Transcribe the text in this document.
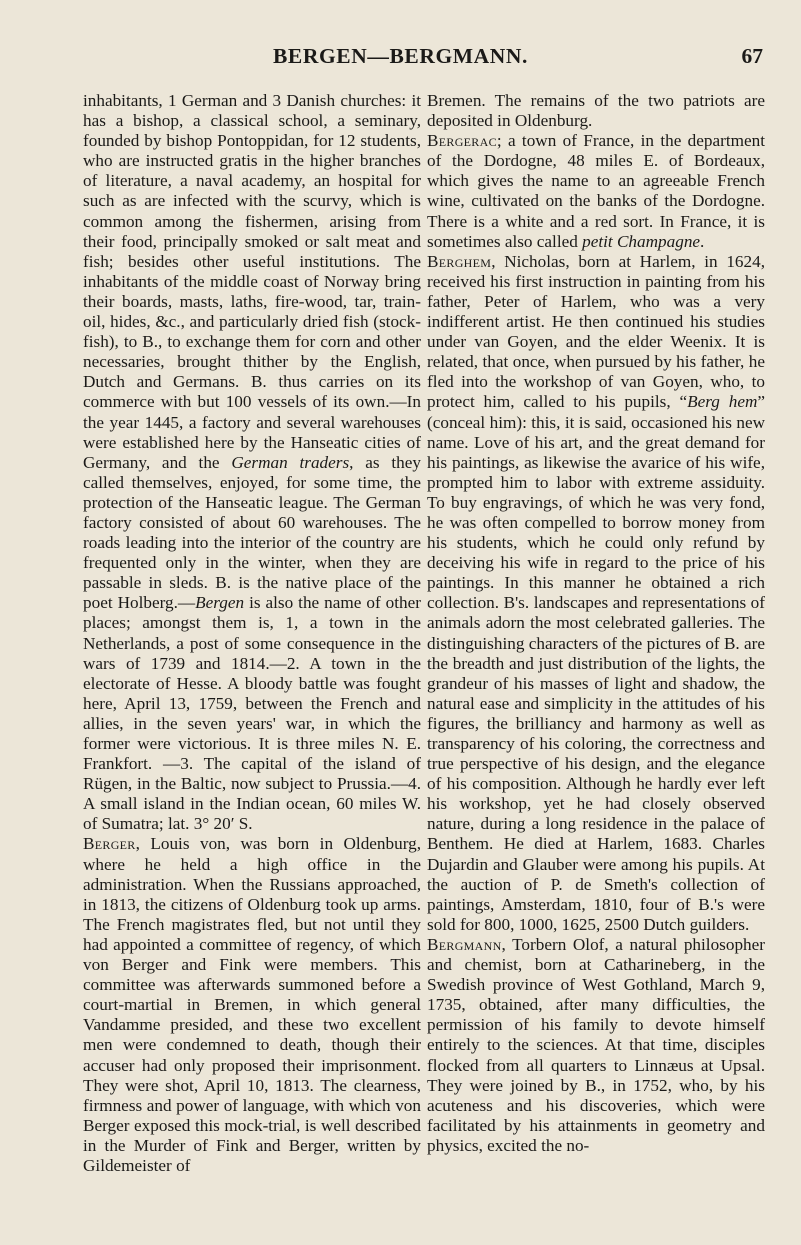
BERGEN—BERGMANN.	67

inhabitants, 1 German and 3 Danish churches: it has a bishop, a classical school, a seminary, founded by bishop Pontoppidan, for 12 students, who are instructed gratis in the higher branches of literature, a naval academy, an hospital for such as are infected with the scurvy, which is common among the fishermen, arising from their food, principally smoked or salt meat and fish; besides other useful institutions. The inhabitants of the middle coast of Norway bring their boards, masts, laths, fire-wood, tar, train-oil, hides, &c., and particularly dried fish (stock-fish), to B., to exchange them for corn and other necessaries, brought thither by the English, Dutch and Germans. B. thus carries on its commerce with but 100 vessels of its own.—In the year 1445, a factory and several warehouses were established here by the Hanseatic cities of Germany, and the German traders, as they called themselves, enjoyed, for some time, the protection of the Hanseatic league. The German factory consisted of about 60 warehouses. The roads leading into the interior of the country are frequented only in the winter, when they are passable in sleds. B. is the native place of the poet Holberg.—Bergen is also the name of other places; amongst them is, 1, a town in the Netherlands, a post of some consequence in the wars of 1739 and 1814.—2. A town in the electorate of Hesse. A bloody battle was fought here, April 13, 1759, between the French and allies, in the seven years' war, in which the former were victorious. It is three miles N. E. Frankfort. —3. The capital of the island of Rügen, in the Baltic, now subject to Prussia.—4. A small island in the Indian ocean, 60 miles W. of Sumatra; lat. 3° 20′ S.

Berger, Louis von, was born in Oldenburg, where he held a high office in the administration. When the Russians approached, in 1813, the citizens of Oldenburg took up arms. The French magistrates fled, but not until they had appointed a committee of regency, of which von Berger and Fink were members. This committee was afterwards summoned before a court-martial in Bremen, in which general Vandamme presided, and these two excellent men were condemned to death, though their accuser had only proposed their imprisonment. They were shot, April 10, 1813. The clearness, firmness and power of language, with which von Berger exposed this mock-trial, is well described in the Murder of Fink and Berger, written by Gildemeister of

Bremen. The remains of the two patriots are deposited in Oldenburg.

Bergerac; a town of France, in the department of the Dordogne, 48 miles E. of Bordeaux, which gives the name to an agreeable French wine, cultivated on the banks of the Dordogne. There is a white and a red sort. In France, it is sometimes also called petit Champagne.

Berghem, Nicholas, born at Harlem, in 1624, received his first instruction in painting from his father, Peter of Harlem, who was a very indifferent artist. He then continued his studies under van Goyen, and the elder Weenix. It is related, that once, when pursued by his father, he fled into the workshop of van Goyen, who, to protect him, called to his pupils, “Berg hem” (conceal him): this, it is said, occasioned his new name. Love of his art, and the great demand for his paintings, as likewise the avarice of his wife, prompted him to labor with extreme assiduity. To buy engravings, of which he was very fond, he was often compelled to borrow money from his students, which he could only refund by deceiving his wife in regard to the price of his paintings. In this manner he obtained a rich collection. B's. landscapes and representations of animals adorn the most celebrated galleries. The distinguishing characters of the pictures of B. are the breadth and just distribution of the lights, the grandeur of his masses of light and shadow, the natural ease and simplicity in the attitudes of his figures, the brilliancy and harmony as well as transparency of his coloring, the correctness and true perspective of his design, and the elegance of his composition. Although he hardly ever left his workshop, yet he had closely observed nature, during a long residence in the palace of Benthem. He died at Harlem, 1683. Charles Dujardin and Glauber were among his pupils. At the auction of P. de Smeth's collection of paintings, Amsterdam, 1810, four of B.'s were sold for 800, 1000, 1625, 2500 Dutch guilders.

Bergmann, Torbern Olof, a natural philosopher and chemist, born at Catharineberg, in the Swedish province of West Gothland, March 9, 1735, obtained, after many difficulties, the permission of his family to devote himself entirely to the sciences. At that time, disciples flocked from all quarters to Linnæus at Upsal. They were joined by B., in 1752, who, by his acuteness and his discoveries, which were facilitated by his attainments in geometry and physics, excited the no-
